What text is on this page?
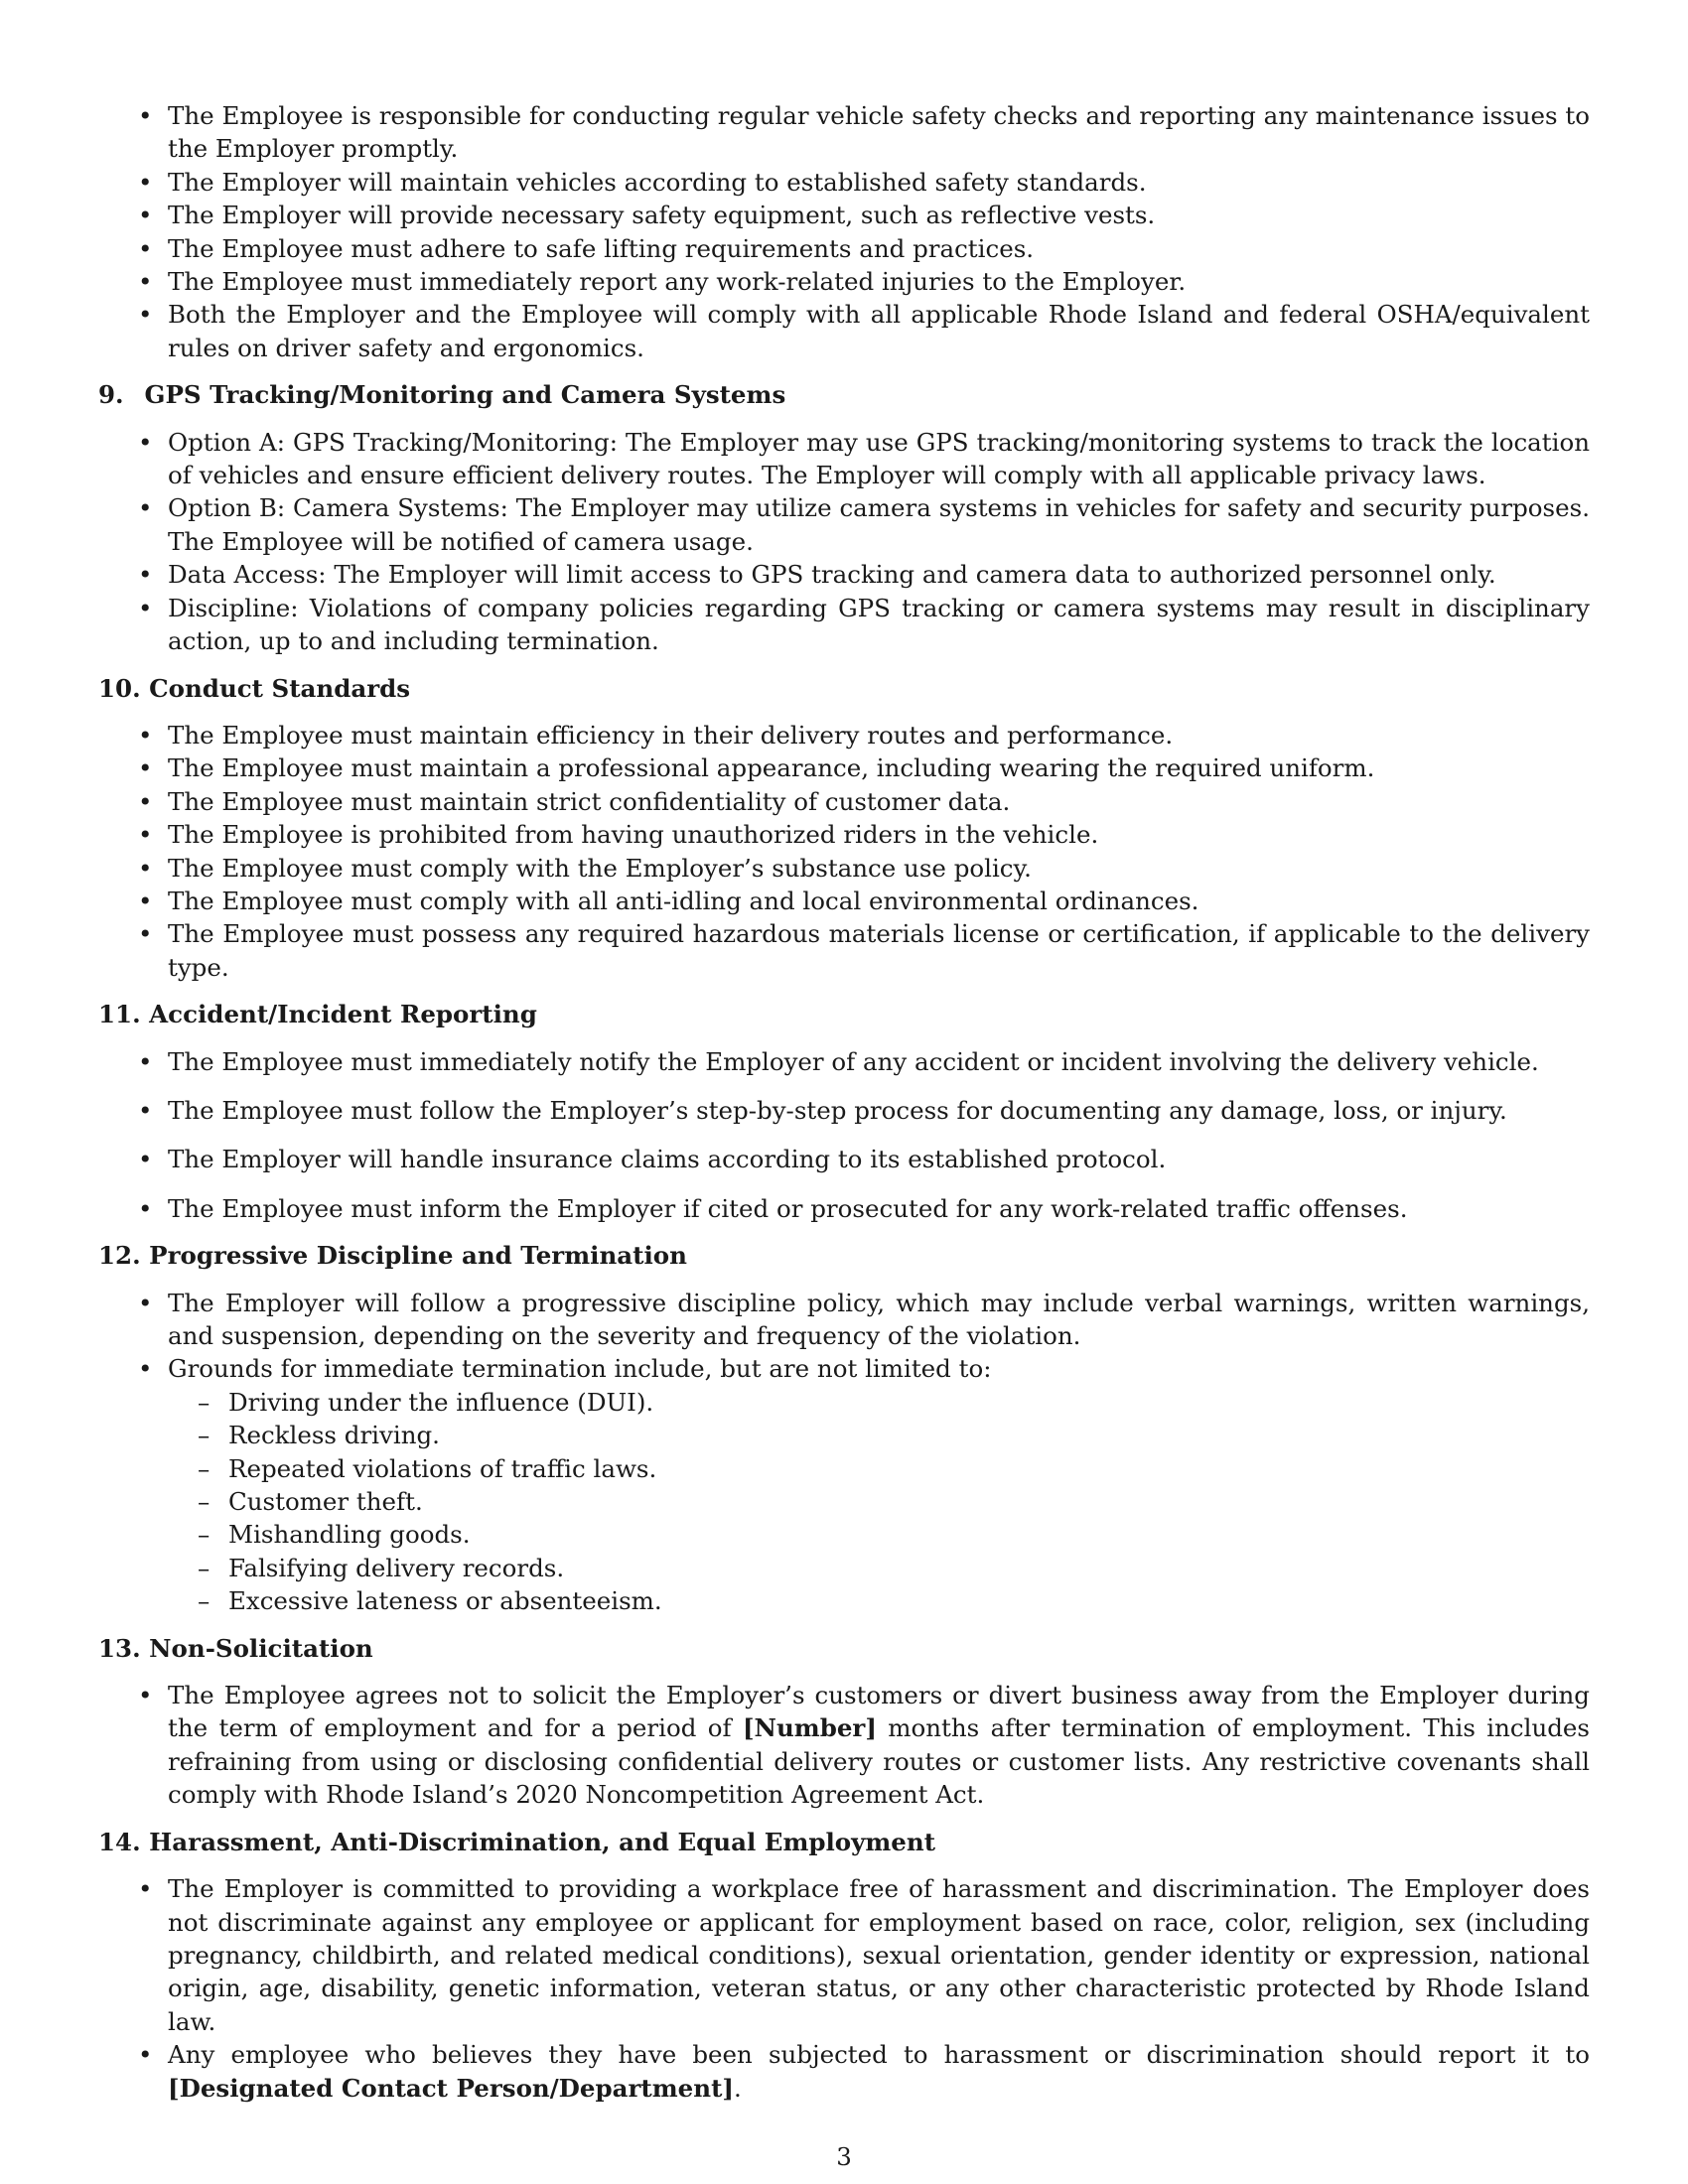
• The Employee is responsible for conducting regular vehicle safety checks and reporting any maintenance issues to the Employer promptly.
• The Employer will maintain vehicles according to established safety standards.
• The Employer will provide necessary safety equipment, such as reflective vests.
• The Employee must adhere to safe lifting requirements and practices.
• The Employee must immediately report any work-related injuries to the Employer.
• Both the Employer and the Employee will comply with all applicable Rhode Island and federal OSHA/equivalent rules on driver safety and ergonomics.
9. GPS Tracking/Monitoring and Camera Systems
• Option A: GPS Tracking/Monitoring: The Employer may use GPS tracking/monitoring systems to track the location of vehicles and ensure efficient delivery routes. The Employer will comply with all applicable privacy laws.
• Option B: Camera Systems: The Employer may utilize camera systems in vehicles for safety and security purposes. The Employee will be notified of camera usage.
• Data Access: The Employer will limit access to GPS tracking and camera data to authorized personnel only.
• Discipline: Violations of company policies regarding GPS tracking or camera systems may result in disciplinary action, up to and including termination.
10. Conduct Standards
• The Employee must maintain efficiency in their delivery routes and performance.
• The Employee must maintain a professional appearance, including wearing the required uniform.
• The Employee must maintain strict confidentiality of customer data.
• The Employee is prohibited from having unauthorized riders in the vehicle.
• The Employee must comply with the Employer’s substance use policy.
• The Employee must comply with all anti-idling and local environmental ordinances.
• The Employee must possess any required hazardous materials license or certification, if applicable to the delivery type.
11. Accident/Incident Reporting
• The Employee must immediately notify the Employer of any accident or incident involving the delivery vehicle.
• The Employee must follow the Employer’s step-by-step process for documenting any damage, loss, or injury.
• The Employer will handle insurance claims according to its established protocol.
• The Employee must inform the Employer if cited or prosecuted for any work-related traffic offenses.
12. Progressive Discipline and Termination
• The Employer will follow a progressive discipline policy, which may include verbal warnings, written warnings, and suspension, depending on the severity and frequency of the violation.
• Grounds for immediate termination include, but are not limited to:
– Driving under the influence (DUI).
– Reckless driving.
– Repeated violations of traffic laws.
– Customer theft.
– Mishandling goods.
– Falsifying delivery records.
– Excessive lateness or absenteeism.
13. Non-Solicitation
• The Employee agrees not to solicit the Employer’s customers or divert business away from the Employer during the term of employment and for a period of [Number] months after termination of employment. This includes refraining from using or disclosing confidential delivery routes or customer lists. Any restrictive covenants shall comply with Rhode Island’s 2020 Noncompetition Agreement Act.
14. Harassment, Anti-Discrimination, and Equal Employment
• The Employer is committed to providing a workplace free of harassment and discrimination. The Employer does not discriminate against any employee or applicant for employment based on race, color, religion, sex (including pregnancy, childbirth, and related medical conditions), sexual orientation, gender identity or expression, national origin, age, disability, genetic information, veteran status, or any other characteristic protected by Rhode Island law.
• Any employee who believes they have been subjected to harassment or discrimination should report it to [Designated Contact Person/Department].
3
